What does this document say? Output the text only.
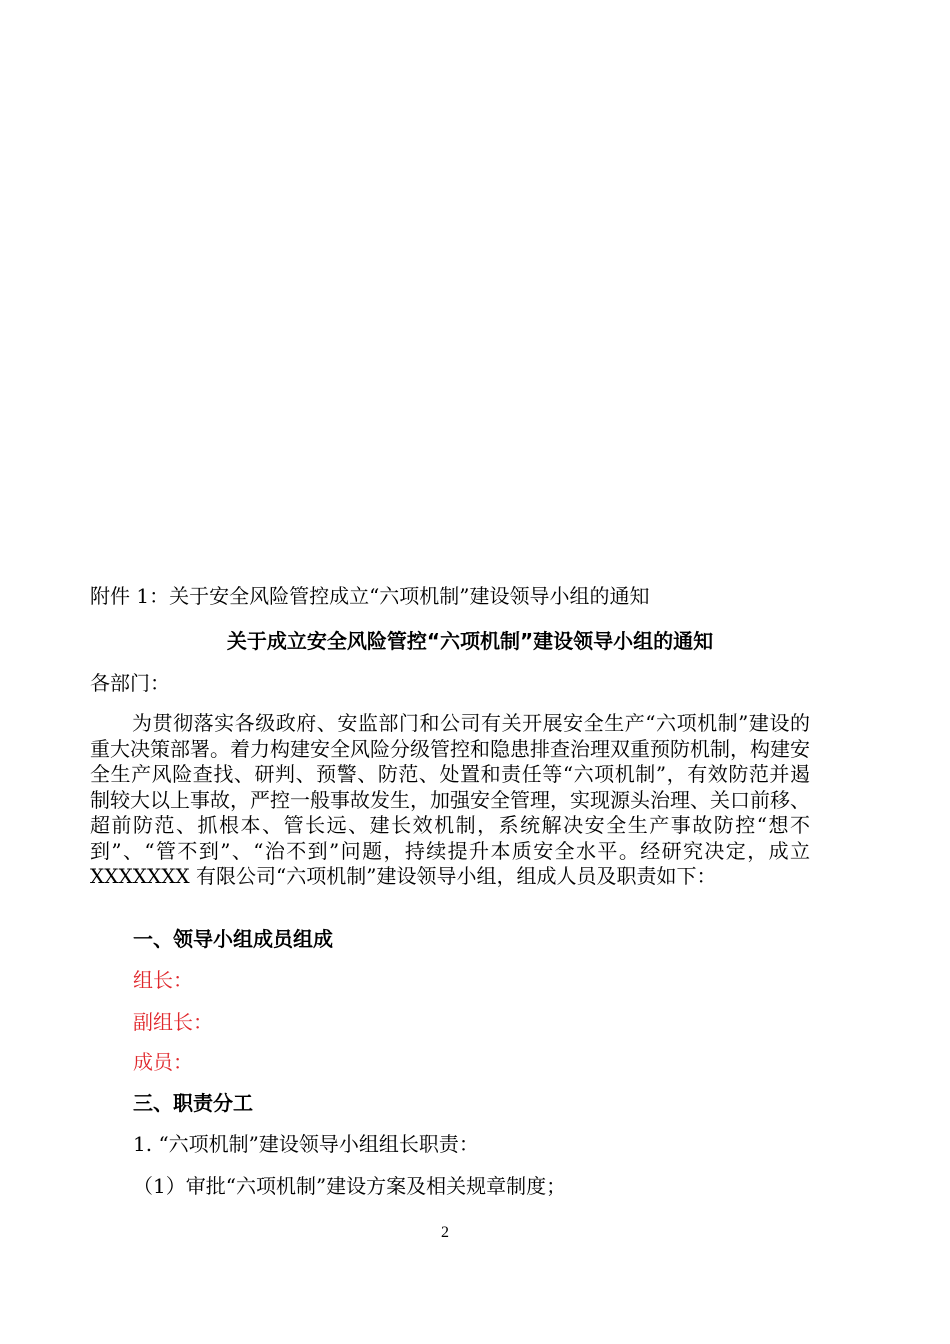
附件 1：关于安全风险管控成立“六项机制”建设领导小组的通知
关于成立安全风险管控“六项机制”建设领导小组的通知
各部门：

为贯彻落实各级政府、安监部门和公司有关开展安全生产“六项机制”建设的重大决策部署。着力构建安全风险分级管控和隐患排查治理双重预防机制，构建安全生产风险查找、研判、预警、防范、处置和责任等“六项机制”，有效防范并遏制较大以上事故，严控一般事故发生，加强安全管理，实现源头治理、关口前移、超前防范、抓根本、管长远、建长效机制，系统解决安全生产事故防控“想不到”、“管不到”、“治不到”问题，持续提升本质安全水平。经研究决定，成立 XXXXXXX 有限公司“六项机制”建设领导小组，组成人员及职责如下：

一、领导小组成员组成
组长：
副组长：
成员：
三、职责分工
1. “六项机制”建设领导小组组长职责：
（1）审批“六项机制”建设方案及相关规章制度；
2
